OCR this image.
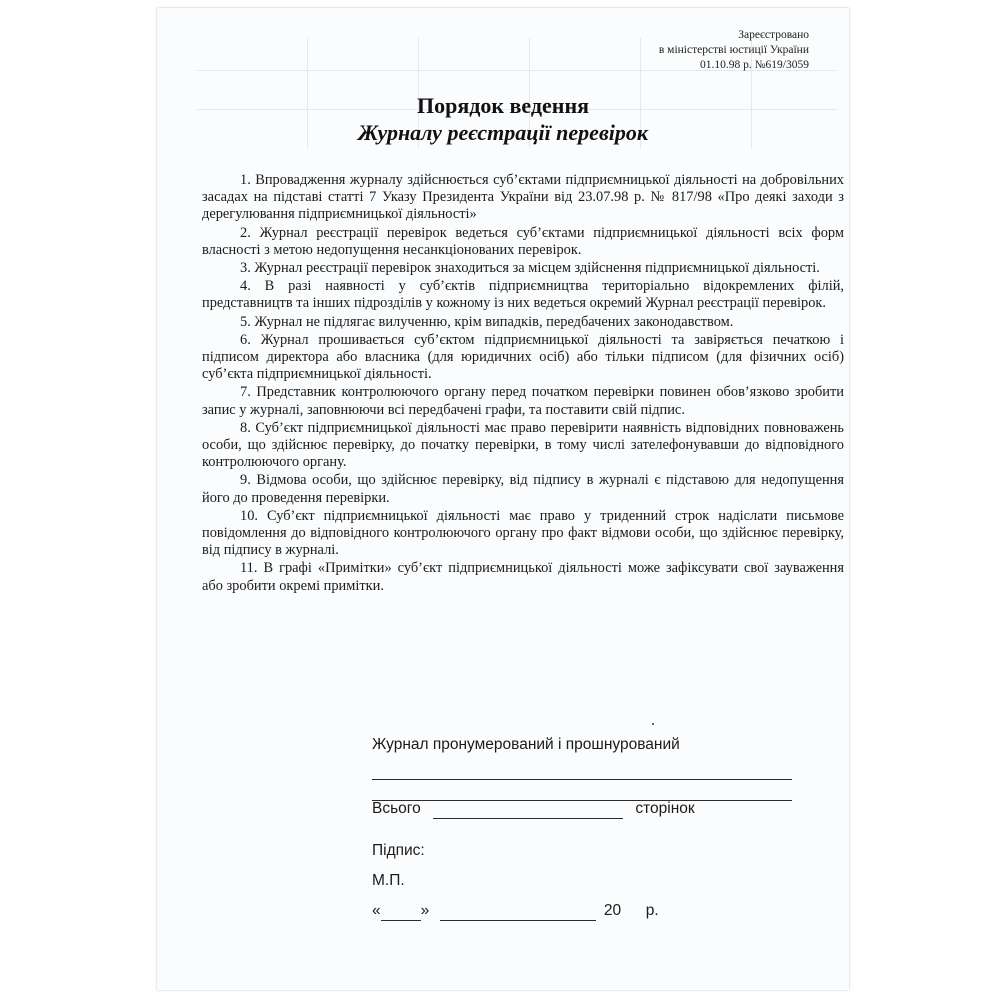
Зареєстровано
в міністерстві юстиції України
01.10.98 р. №619/3059
Порядок ведення
Журналу реєстрації перевірок

1. Впровадження журналу здійснюється суб’єктами підприємницької діяльності на добровільних засадах на підставі статті 7 Указу Президента України від 23.07.98 р. № 817/98 «Про деякі заходи з дерегулювання підприємницької діяльності»

2. Журнал реєстрації перевірок ведеться суб’єктами підприємницької діяльності всіх форм власності з метою недопущення несанкціонованих перевірок.

3. Журнал реєстрації перевірок знаходиться за місцем здійснення підприємницької діяльності.

4. В разі наявності у суб’єктів підприємництва територіально відокремлених філій, представництв та інших підрозділів у кожному із них ведеться окремий Журнал реєстрації перевірок.

5. Журнал не підлягає вилученню, крім випадків, передбачених законодавством.

6. Журнал прошивається суб’єктом підприємницької діяльності та завіряється печаткою і підписом директора або власника (для юридичних осіб) або тільки підписом (для фізичних осіб) суб’єкта підприємницької діяльності.

7. Представник контролюючого органу перед початком перевірки повинен обов’язково зробити запис у журналі, заповнюючи всі передбачені графи, та поставити свій підпис.

8. Суб’єкт підприємницької діяльності має право перевірити наявність відповідних повноважень особи, що здійснює перевірку, до початку перевірки, в тому числі зателефонувавши до відповідного контролюючого органу.

9. Відмова особи, що здійснює перевірку, від підпису в журналі є підставою для недопущення його до проведення перевірки.

10. Суб’єкт підприємницької діяльності має право у триденний строк надіслати письмове повідомлення до відповідного контролюючого органу про факт відмови особи, що здійснює перевірку, від підпису в журналі.

11. В графі «Примітки» суб’єкт підприємницької діяльності може зафіксувати свої зауваження або зробити окремі примітки.

Журнал пронумерований і прошнурований
Всього	сторінок
Підпис:
М.П.
«	»	20 р.
